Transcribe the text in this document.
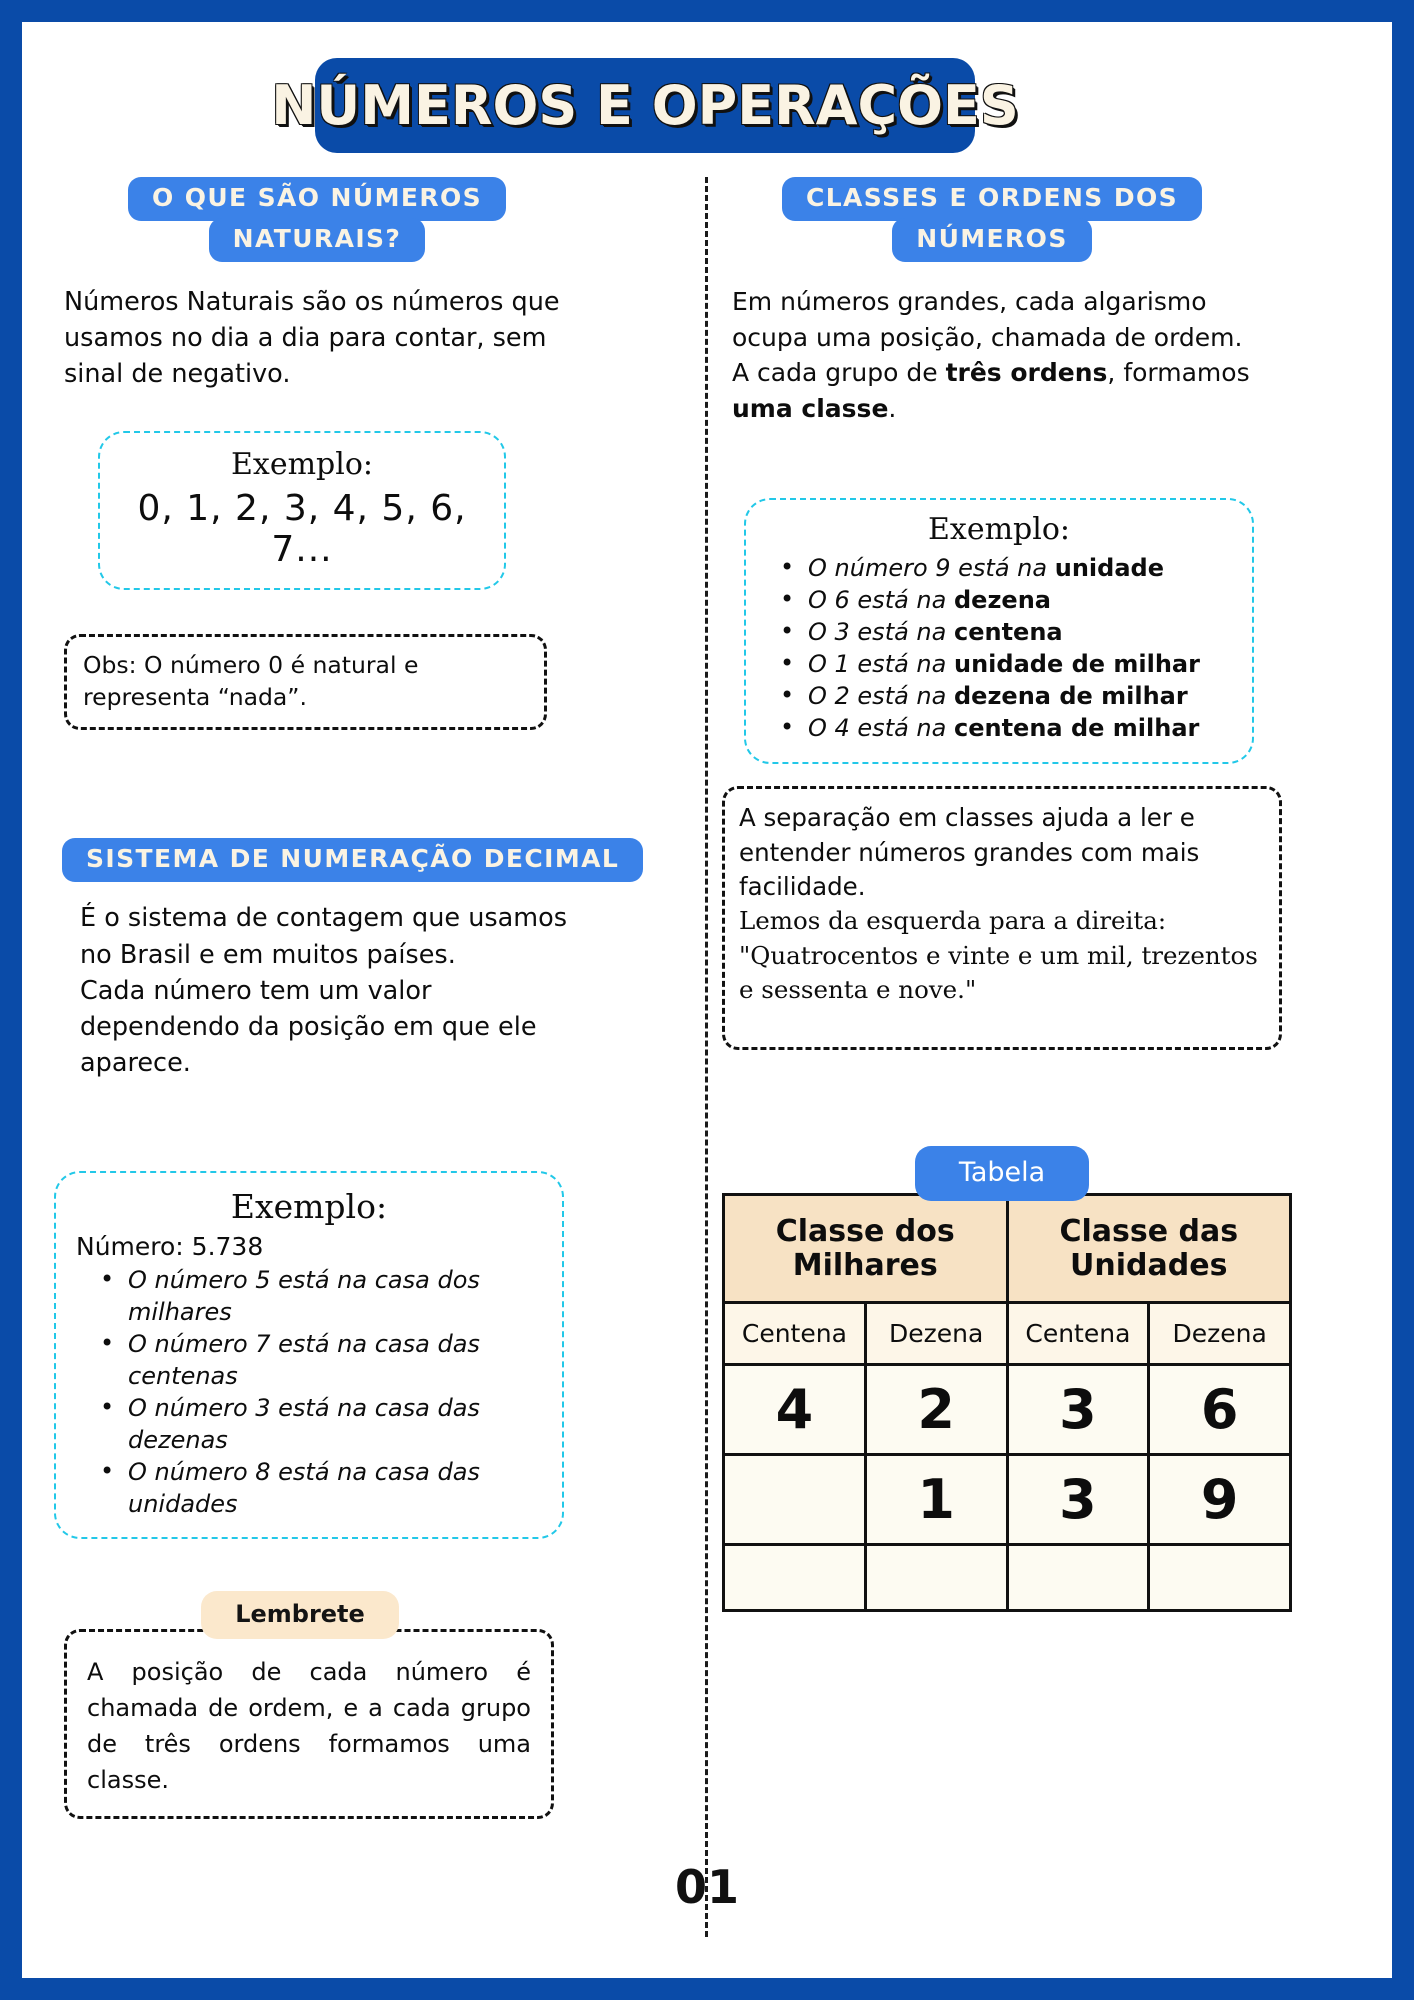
NÚMEROS E OPERAÇÕES
O QUE SÃO NÚMEROS
NATURAIS?
Números Naturais são os números que usamos no dia a dia para contar, sem sinal de negativo.
Exemplo:
0, 1, 2, 3, 4, 5, 6, 7...
Obs: O número 0 é natural e representa “nada”.
SISTEMA DE NUMERAÇÃO DECIMAL
É o sistema de contagem que usamos no Brasil e em muitos países.
Cada número tem um valor dependendo da posição em que ele aparece.
Exemplo:
Número: 5.738
• O número 5 está na casa dos milhares
• O número 7 está na casa das centenas
• O número 3 está na casa das dezenas
• O número 8 está na casa das unidades
Lembrete
A posição de cada número é chamada de ordem, e a cada grupo de três ordens formamos uma classe.
CLASSES E ORDENS DOS
NÚMEROS
Em números grandes, cada algarismo ocupa uma posição, chamada de ordem. A cada grupo de três ordens, formamos uma classe.
Exemplo:
• O número 9 está na unidade
• O 6 está na dezena
• O 3 está na centena
• O 1 está na unidade de milhar
• O 2 está na dezena de milhar
• O 4 está na centena de milhar
A separação em classes ajuda a ler e entender números grandes com mais facilidade.
Lemos da esquerda para a direita:
"Quatrocentos e vinte e um mil, trezentos e sessenta e nove."
Tabela
Classe dos Milhares		Classe das Unidades	
Centena	Dezena	Centena	Dezena
4	2	3	6
	1	3	9

01
